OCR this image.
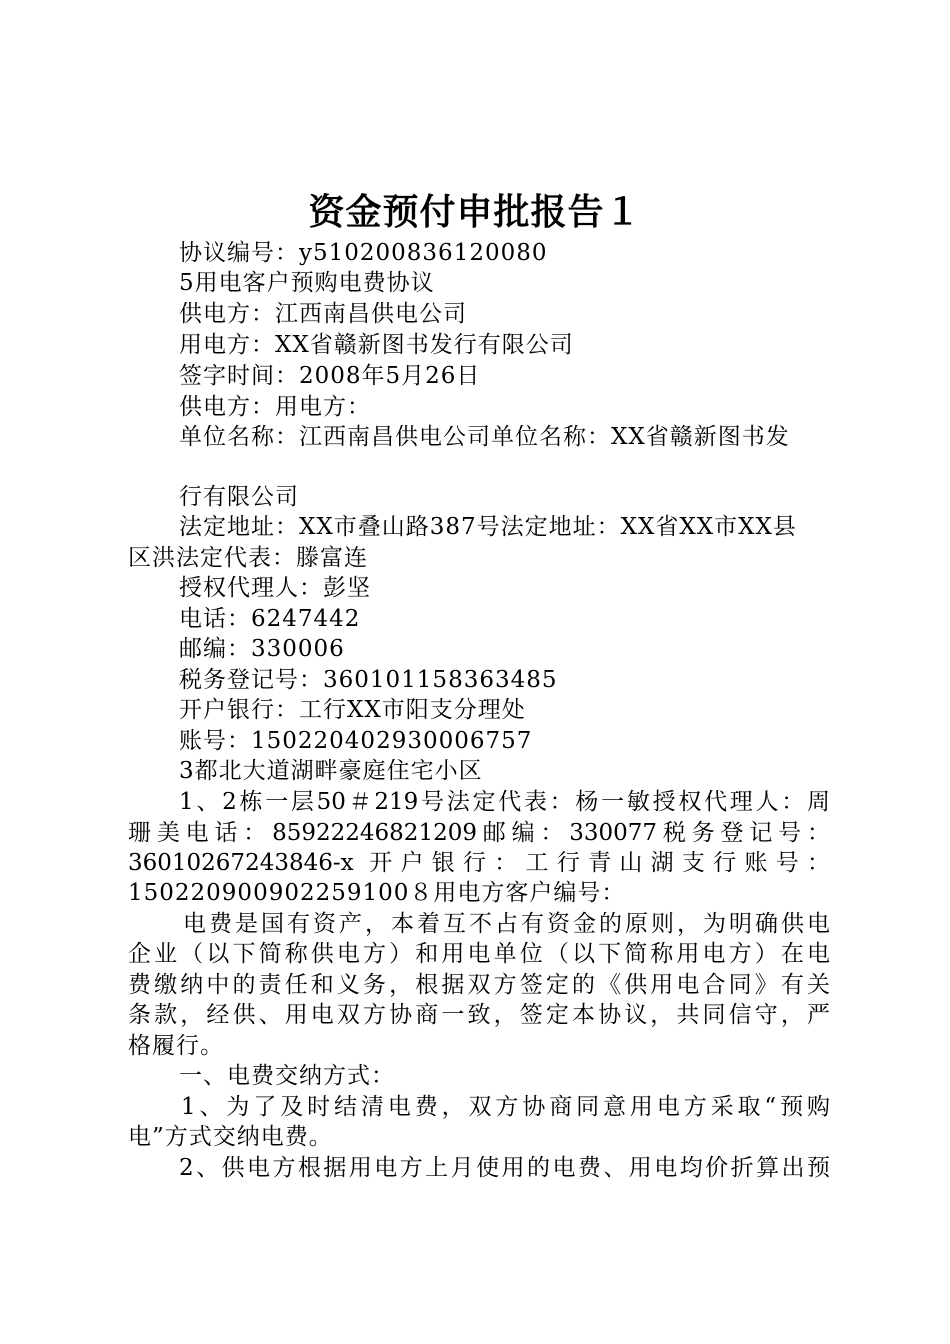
资金预付申批报告１
协议编号：y510200836120080
5用电客户预购电费协议
供电方：江西南昌供电公司
用电方：XX省赣新图书发行有限公司
签字时间：2008年5月26日
供电方：用电方：
单位名称：江西南昌供电公司单位名称：XX省赣新图书发
行有限公司
法定地址：XX市叠山路387号法定地址：XX省XX市XX县
区洪法定代表：滕富连
授权代理人：彭坚
电话：6247442
邮编：330006
税务登记号：360101158363485
开户银行：工行XX市阳支分理处
账号：150220402930006757
3都北大道湖畔豪庭住宅小区
1、2栋一层50＃219号法定代表：杨一敏授权代理人：周
珊美电话：85922246821209邮编：330077税务登记号：
36010267243846-x 开户银行：工行青山湖支行账号：
150220900902259100８用电方客户编号：
电费是国有资产，本着互不占有资金的原则，为明确供电
企业（以下简称供电方）和用电单位（以下简称用电方）在电
费缴纳中的责任和义务，根据双方签定的《供用电合同》有关
条款，经供、用电双方协商一致，签定本协议，共同信守，严
格履行。
一、电费交纳方式：
1、为了及时结清电费，双方协商同意用电方采取“预购
电”方式交纳电费。
2、供电方根据用电方上月使用的电费、用电均价折算出预
